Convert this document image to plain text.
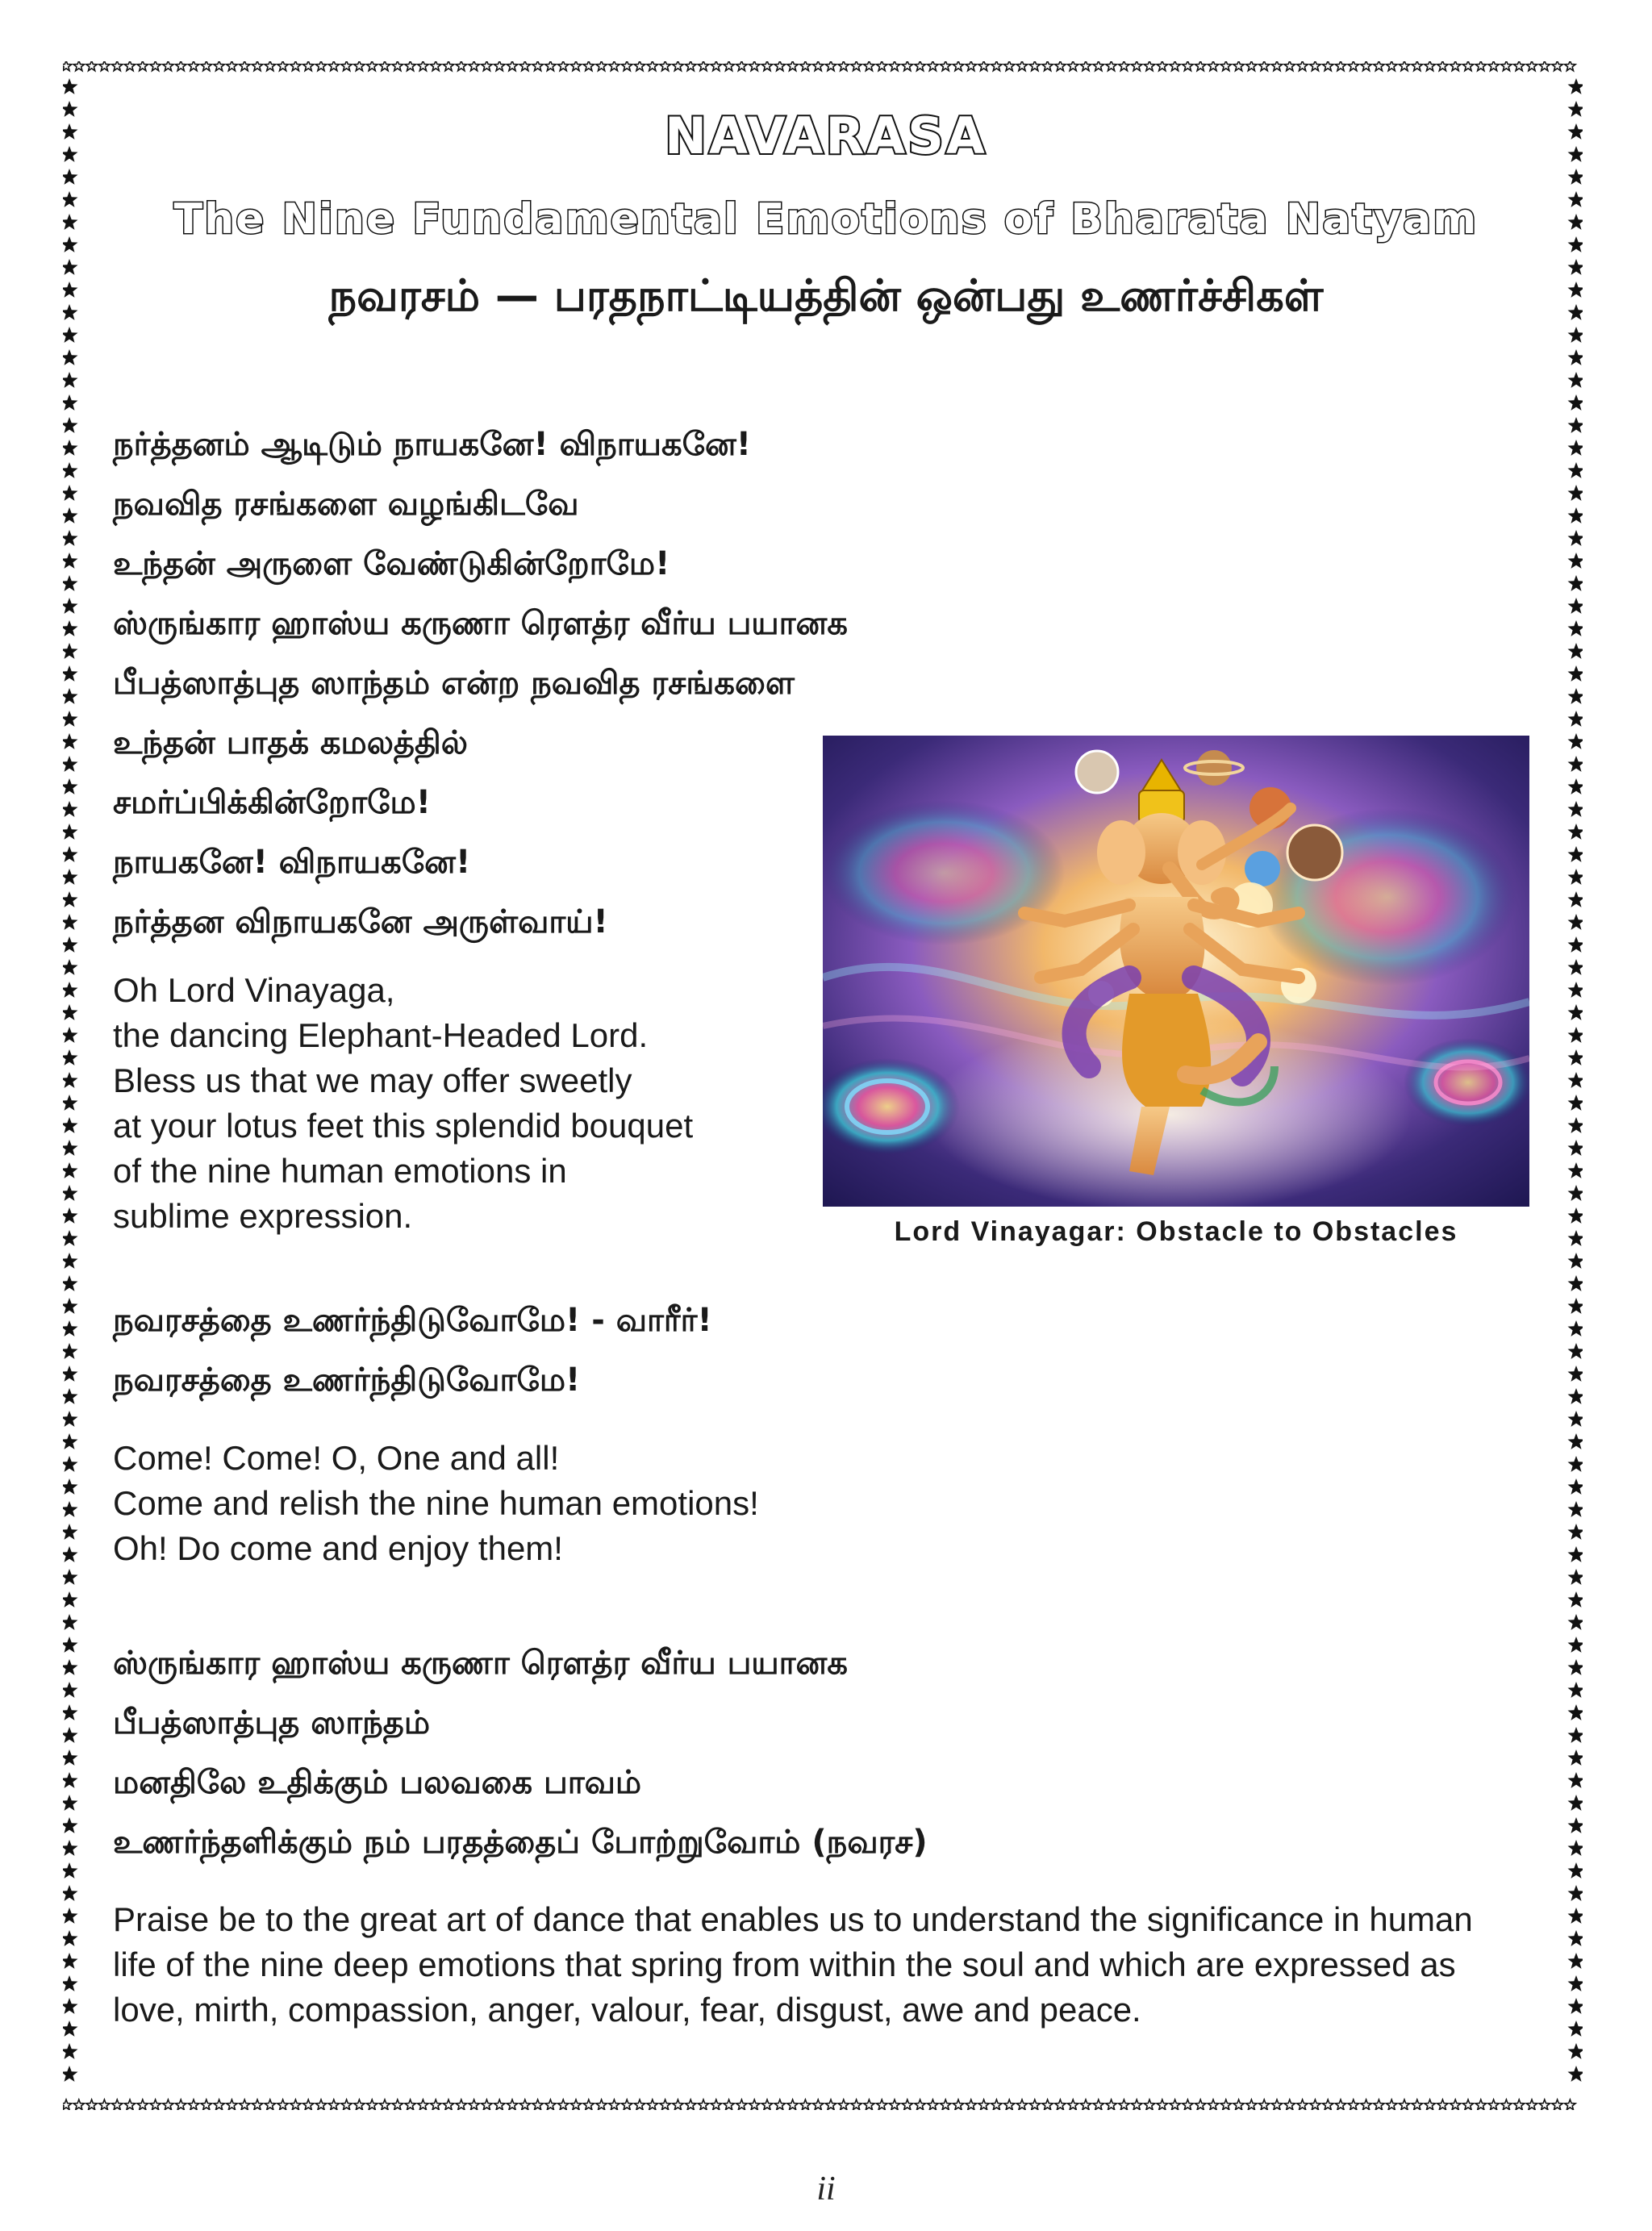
NAVARASA
The Nine Fundamental Emotions of Bharata Natyam
நவரசம் — பரதநாட்டியத்தின் ஒன்பது உணர்ச்சிகள்
நர்த்தனம் ஆடிடும் நாயகனே! விநாயகனே!
நவவித ரசங்களை வழங்கிடவே
உந்தன் அருளை வேண்டுகின்றோமே!
ஸ்ருங்கார ஹாஸ்ய கருணா ரௌத்ர வீர்ய பயானக
பீபத்ஸாத்புத ஸாந்தம் என்ற நவவித ரசங்களை
உந்தன் பாதக் கமலத்தில்
சமர்ப்பிக்கின்றோமே!
நாயகனே! விநாயகனே!
நர்த்தன விநாயகனே அருள்வாய்!
Oh Lord Vinayaga,
the dancing Elephant-Headed Lord.
Bless us that we may offer sweetly
at your lotus feet this splendid bouquet
of the nine human emotions in
sublime expression.	Lord Vinayagar: Obstacle to Obstacles
நவரசத்தை உணர்ந்திடுவோமே! - வாரீர்!
நவரசத்தை உணர்ந்திடுவோமே!
Come! Come! O, One and all!
Come and relish the nine human emotions!
Oh! Do come and enjoy them!
ஸ்ருங்கார ஹாஸ்ய கருணா ரௌத்ர வீர்ய பயானக
பீபத்ஸாத்புத ஸாந்தம்
மனதிலே உதிக்கும் பலவகை பாவம்
உணர்ந்தளிக்கும் நம் பரதத்தைப் போற்றுவோம் (நவரச)
Praise be to the great art of dance that enables us to understand the significance in human life of the nine deep emotions that spring from within the soul and which are expressed as love, mirth, compassion, anger, valour, fear, disgust, awe and peace.
ii
